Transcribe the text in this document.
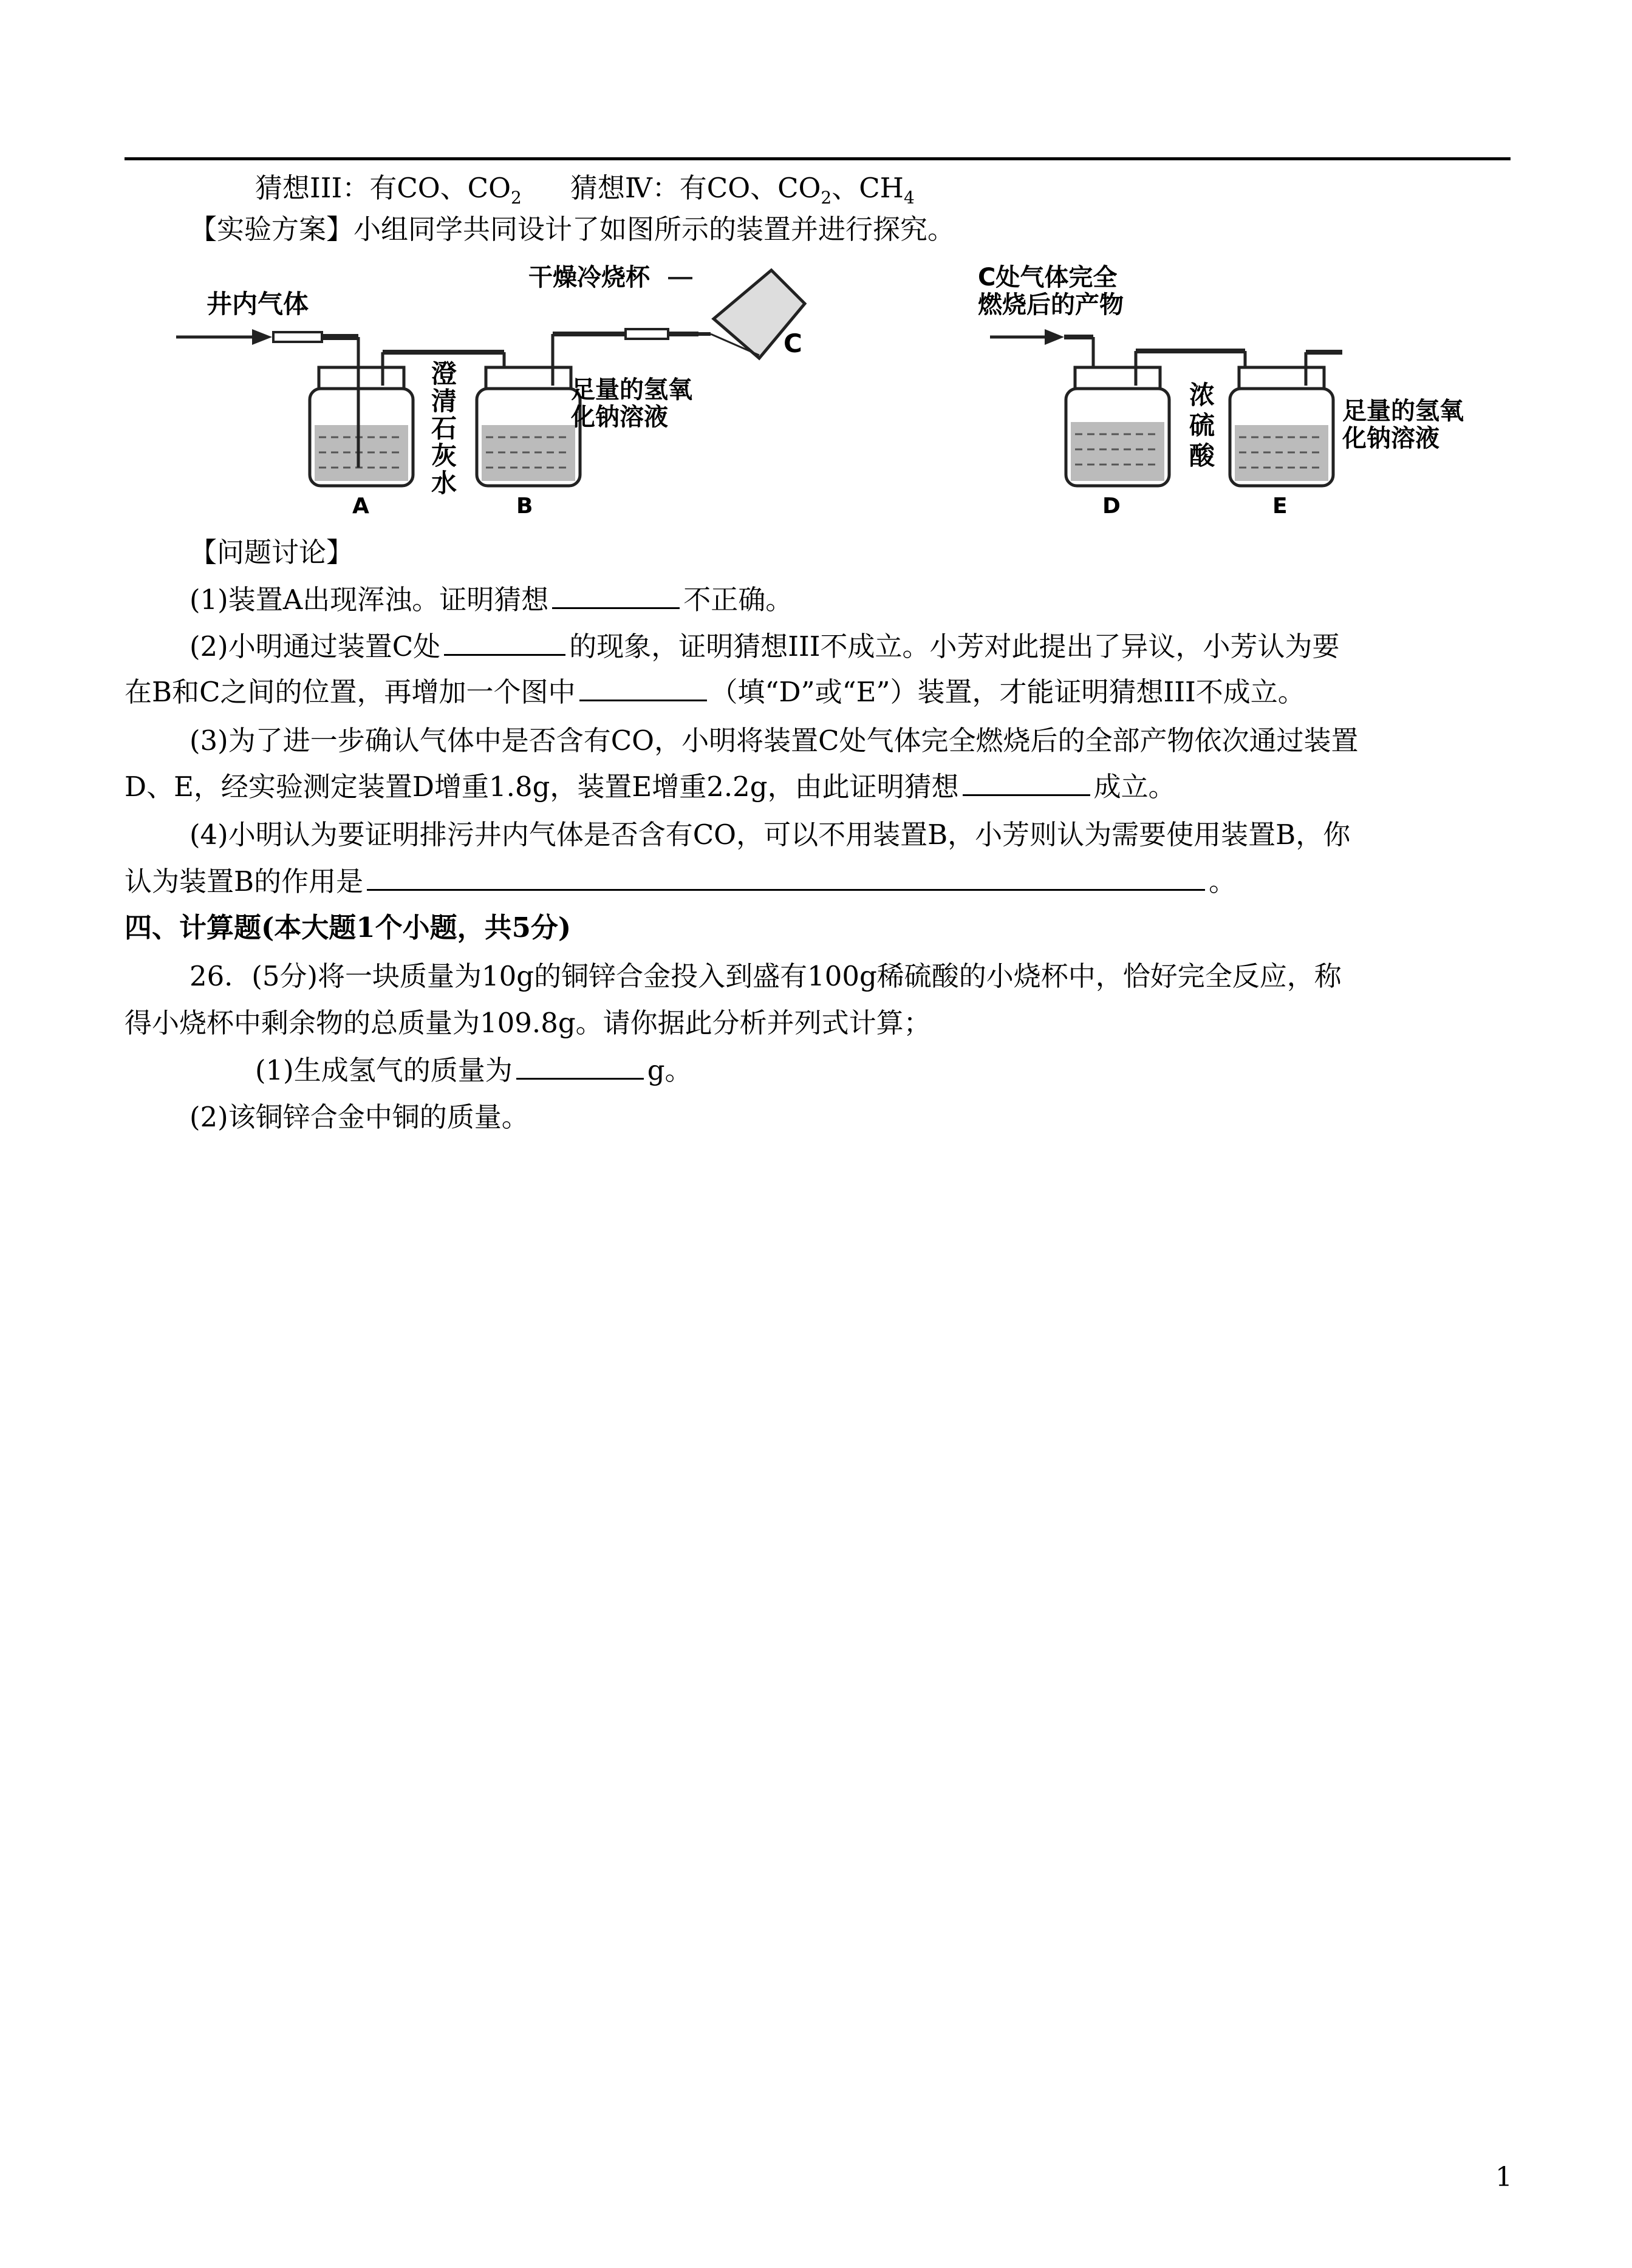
猜想III：有CO、$CO_2$ 猜想Ⅳ：有CO、$CO_2$、$CH_4$
【实验方案】小组同学共同设计了如图所示的装置并进行探究。
井内气体
澄
清
石
灰
水
干燥冷烧杯
C
足量的氢氧
化钠溶液
A	B
C处气体完全
燃烧后的产物
浓
硫
酸
足量的氢氧
化钠溶液
D	E
【问题讨论】
(1)装置A出现浑浊。证明猜想	不正确。
(2)小明通过装置C处	的现象，证明猜想III不成立。小芳对此提出了异议，小芳认为要
在B和C之间的位置，再增加一个图中	（填“D”或“E”）装置，才能证明猜想III不成立。
(3)为了进一步确认气体中是否含有CO，小明将装置C处气体完全燃烧后的全部产物依次通过装置
D、E，经实验测定装置D增重1.8g，装置E增重2.2g，由此证明猜想	成立。
(4)小明认为要证明排污井内气体是否含有CO，可以不用装置B，小芳则认为需要使用装置B，你
认为装置B的作用是	。
四、计算题(本大题1个小题，共5分)
26．(5分)将一块质量为10g的铜锌合金投入到盛有100g稀硫酸的小烧杯中，恰好完全反应，称
得小烧杯中剩余物的总质量为109.8g。请你据此分析并列式计算；
(1)生成氢气的质量为	g。
(2)该铜锌合金中铜的质量。
1
